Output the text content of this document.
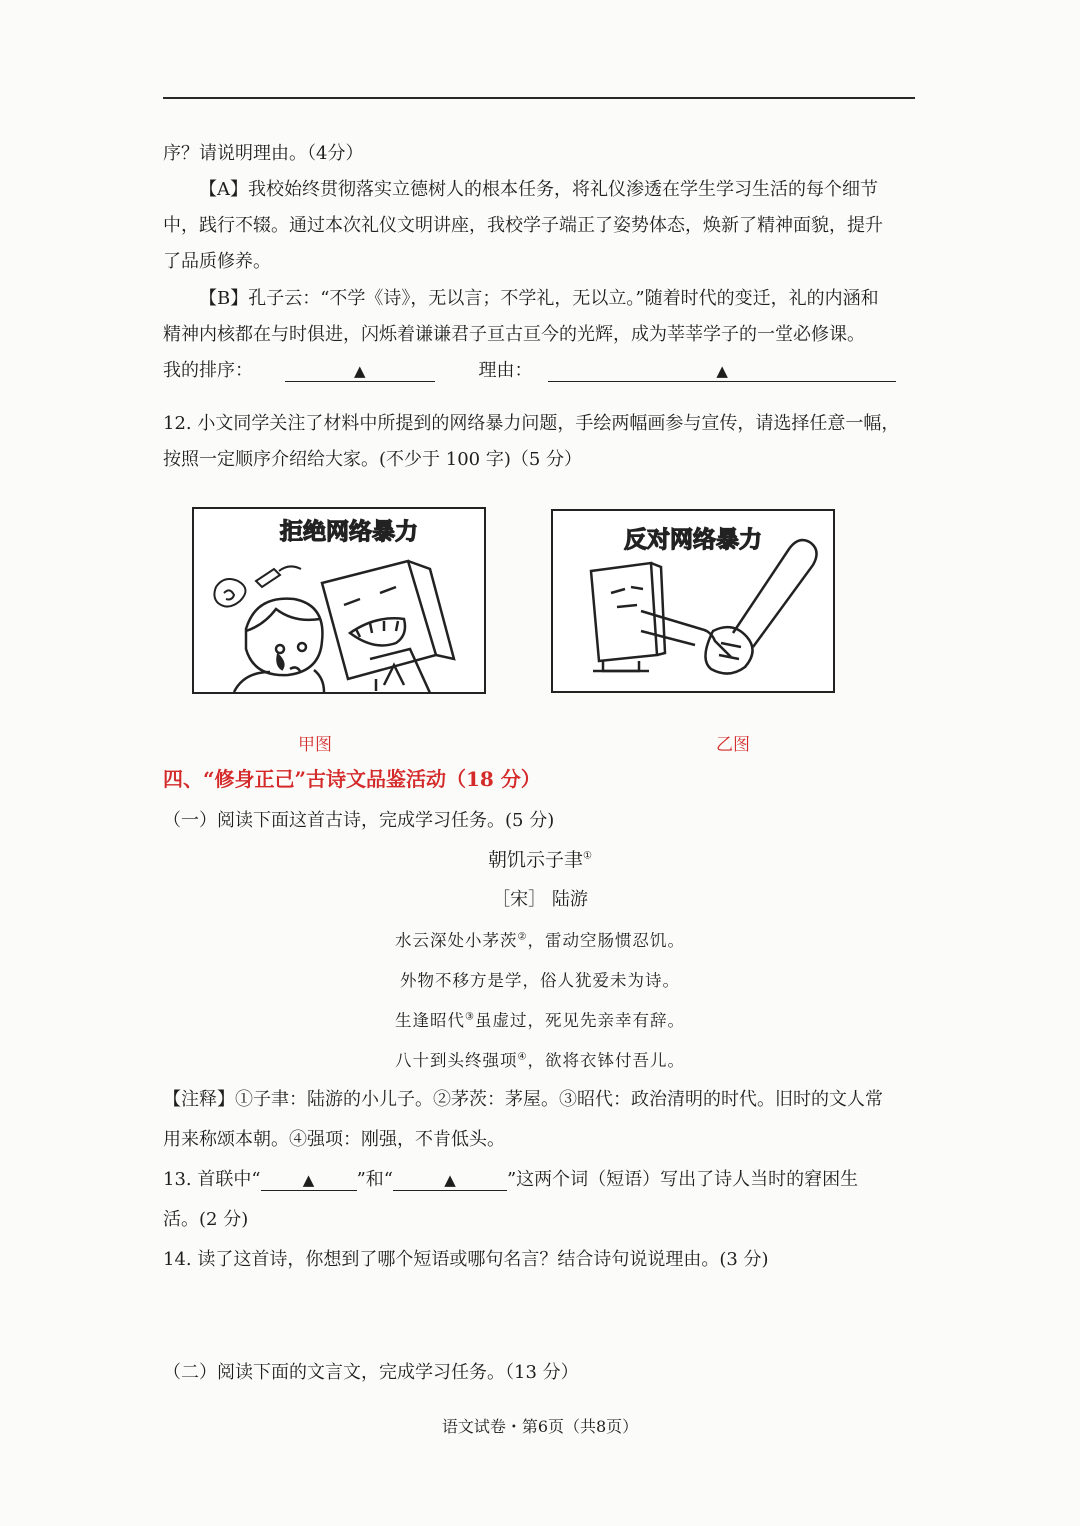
序？请说明理由。（4分）
【A】我校始终贯彻落实立德树人的根本任务，将礼仪渗透在学生学习生活的每个细节
中，践行不辍。通过本次礼仪文明讲座，我校学子端正了姿势体态，焕新了精神面貌，提升
了品质修养。
【B】孔子云：“不学《诗》，无以言；不学礼，无以立。”随着时代的变迁，礼的内涵和
精神内核都在与时俱进，闪烁着谦谦君子亘古亘今的光辉，成为莘莘学子的一堂必修课。
我的排序：	▲	理由：	▲
12. 小文同学关注了材料中所提到的网络暴力问题，手绘两幅画参与宣传，请选择任意一幅，
按照一定顺序介绍给大家。(不少于 100 字)（5 分）
拒绝网络暴力
甲图
反对网络暴力
乙图
四、“修身正己”古诗文品鉴活动（18 分）
（一）阅读下面这首古诗，完成学习任务。(5 分)
朝饥示子聿①
［宋］ 陆游
水云深处小茅茨②，雷动空肠惯忍饥。
外物不移方是学，俗人犹爱未为诗。
生逢昭代③虽虚过，死见先亲幸有辞。
八十到头终强项④，欲将衣钵付吾儿。
【注释】①子聿：陆游的小儿子。②茅茨：茅屋。③昭代：政治清明的时代。旧时的文人常
用来称颂本朝。④强项：刚强，不肯低头。
13. 首联中“	▲ ”和“	▲	”这两个词（短语）写出了诗人当时的窘困生
活。(2 分)
14. 读了这首诗，你想到了哪个短语或哪句名言？结合诗句说说理由。(3 分)
（二）阅读下面的文言文，完成学习任务。（13 分）
语文试卷・第6页（共8页）
